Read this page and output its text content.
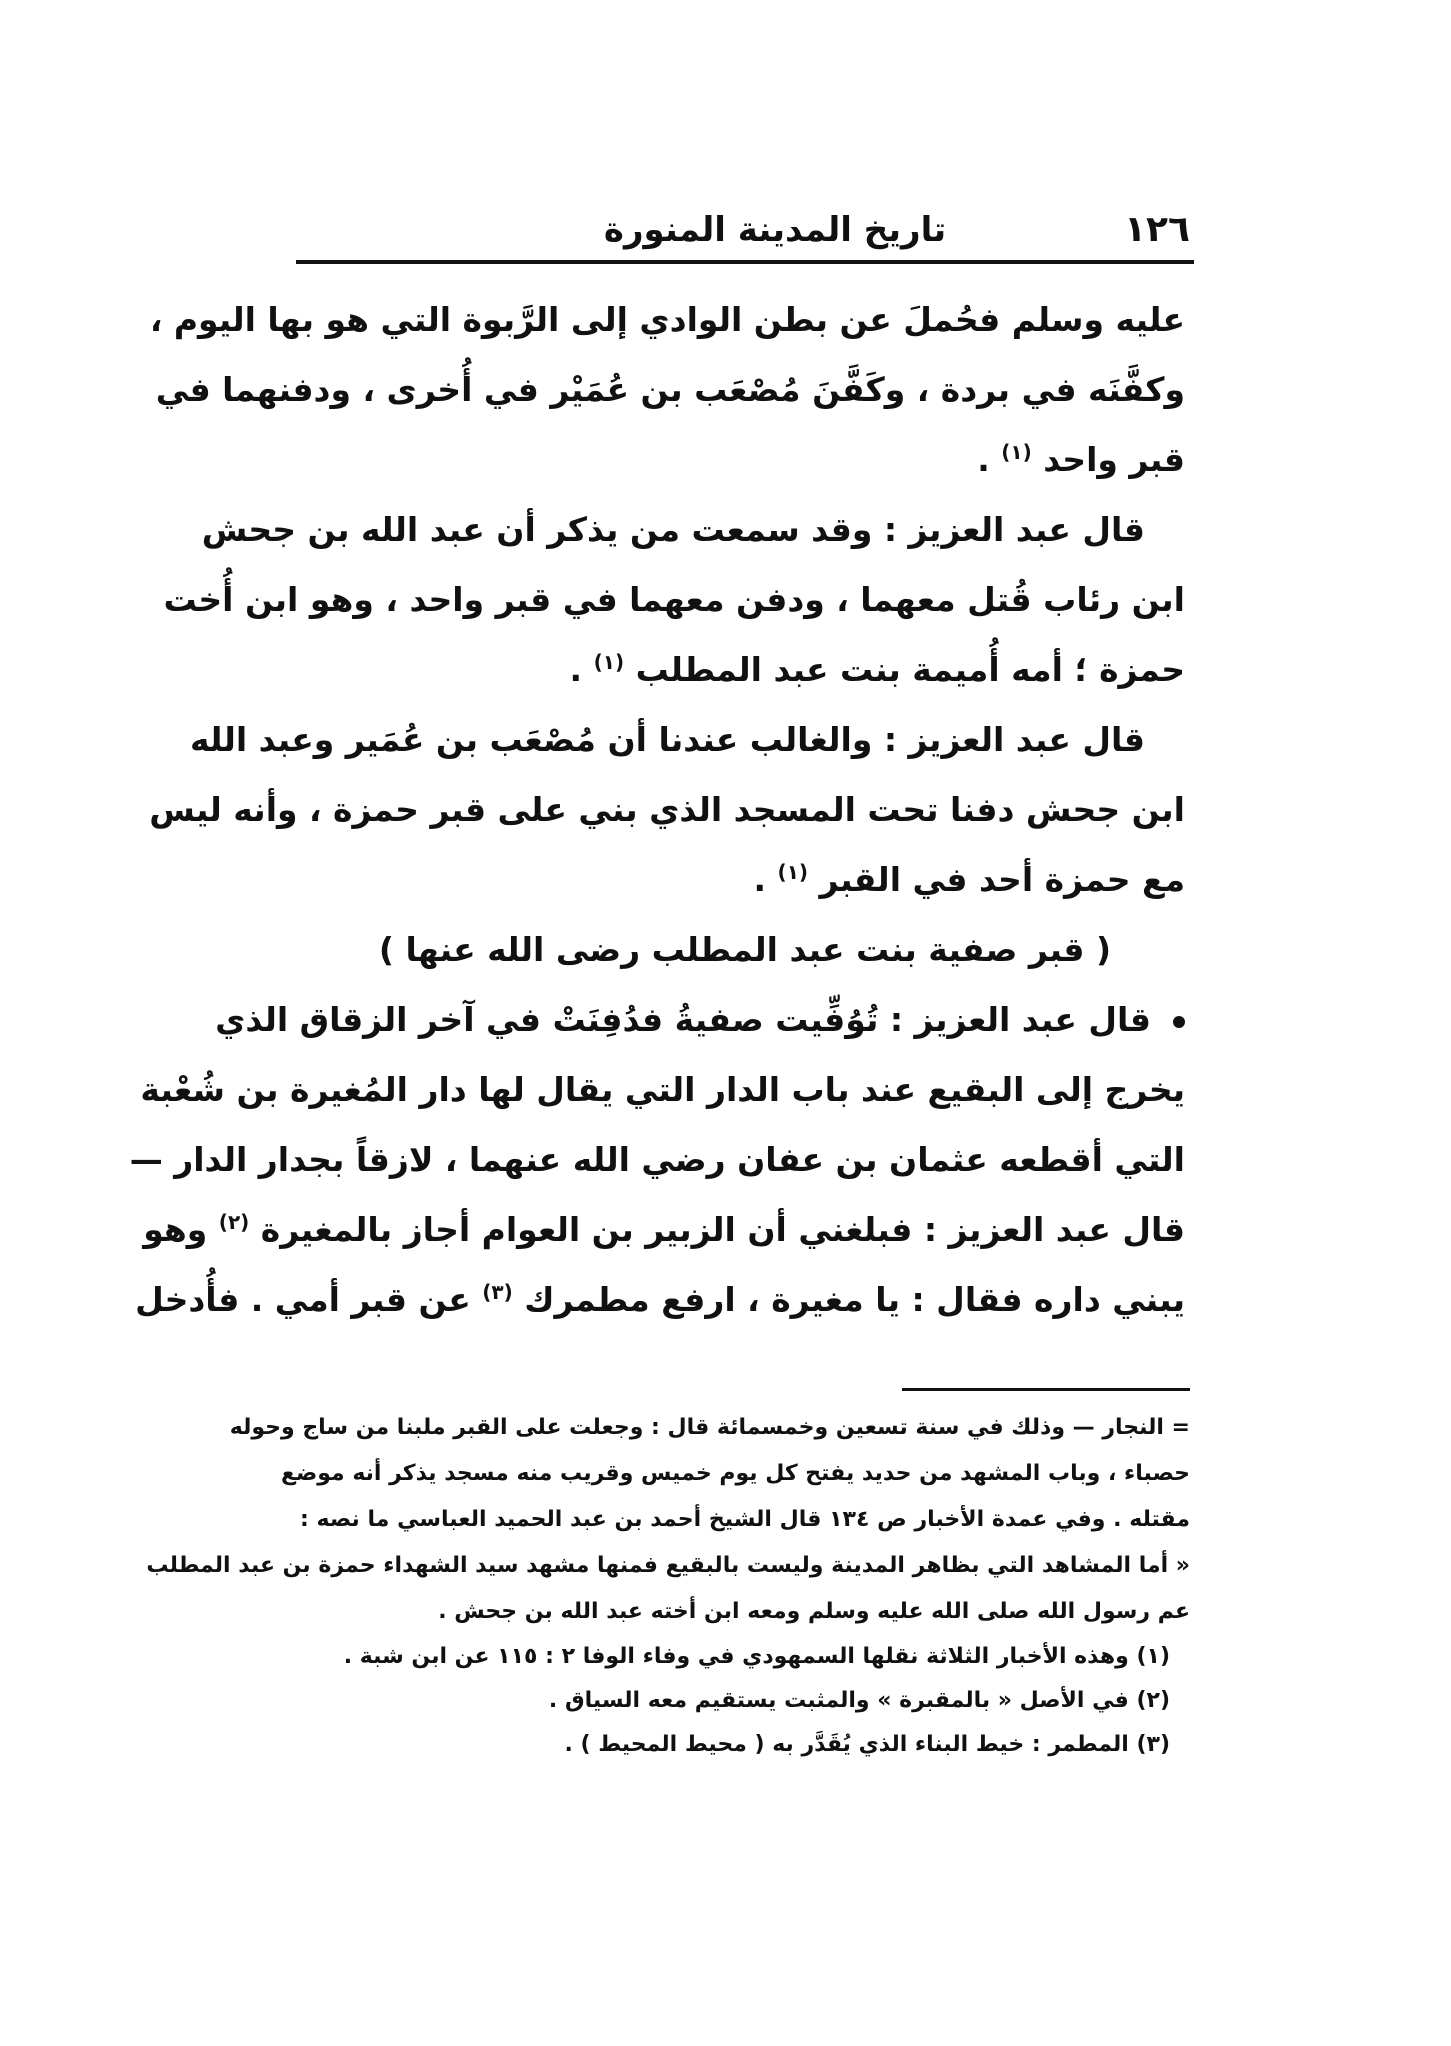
١٢٦
تاريخ المدينة المنورة
عليه وسلم فحُملَ عن بطن الوادي إلى الرَّبوة التي هو بها اليوم ،
وكفَّنَه في بردة ، وكَفَّنَ مُصْعَب بن عُمَيْر في أُخرى ، ودفنهما في
قبر واحد $^{(١)}$ .
قال عبد العزيز : وقد سمعت من يذكر أن عبد الله بن جحش
ابن رئاب قُتل معهما ، ودفن معهما في قبر واحد ، وهو ابن أُخت
حمزة ؛ أمه أُميمة بنت عبد المطلب $^{(١)}$ .
قال عبد العزيز : والغالب عندنا أن مُصْعَب بن عُمَير وعبد الله
ابن جحش دفنا تحت المسجد الذي بني على قبر حمزة ، وأنه ليس
مع حمزة أحد في القبر $^{(١)}$ .
( قبر صفية بنت عبد المطلب رضى الله عنها )
قال عبد العزيز : تُوُفِّيت صفيةُ فدُفِنَتْ في آخر الزقاق الذي
يخرج إلى البقيع عند باب الدار التي يقال لها دار المُغيرة بن شُعْبة
التي أقطعه عثمان بن عفان رضي الله عنهما ، لازقاً بجدار الدار —
قال عبد العزيز : فبلغني أن الزبير بن العوام أجاز بالمغيرة $^{(٢)}$ وهو
يبني داره فقال : يا مغيرة ، ارفع مطمرك $^{(٣)}$ عن قبر أمي . فأُدخل
= النجار — وذلك في سنة تسعين وخمسمائة قال : وجعلت على القبر ملبنا من ساج وحوله
حصباء ، وباب المشهد من حديد يفتح كل يوم خميس وقريب منه مسجد يذكر أنه موضع
مقتله . وفي عمدة الأخبار ص ١٣٤ قال الشيخ أحمد بن عبد الحميد العباسي ما نصه :
« أما المشاهد التي بظاهر المدينة وليست بالبقيع فمنها مشهد سيد الشهداء حمزة بن عبد المطلب
عم رسول الله صلى الله عليه وسلم ومعه ابن أخته عبد الله بن جحش .
(١) وهذه الأخبار الثلاثة نقلها السمهودي في وفاء الوفا ٢ : ١١٥ عن ابن شبة .
(٢) في الأصل « بالمقبرة » والمثبت يستقيم معه السياق .
(٣) المطمر : خيط البناء الذي يُقَدَّر به ( محيط المحيط ) .
